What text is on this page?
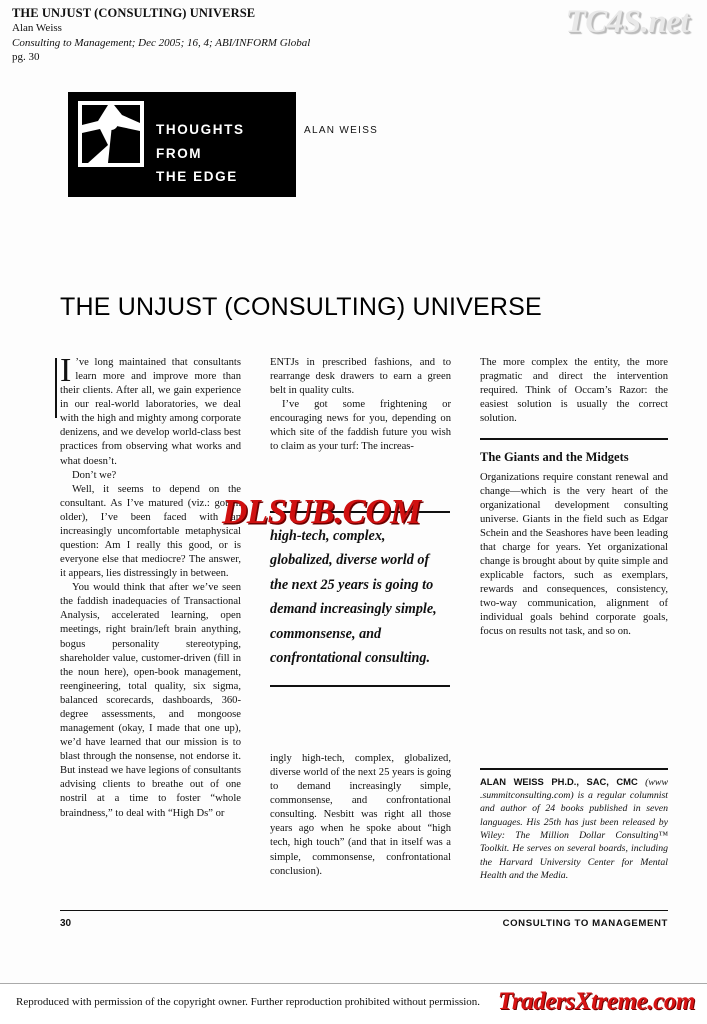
THE UNJUST (CONSULTING) UNIVERSE
Alan Weiss
Consulting to Management; Dec 2005; 16, 4; ABI/INFORM Global
pg. 30
TC4S.net
THOUGHTS
FROM
THE EDGE
ALAN WEISS
THE UNJUST (CONSULTING) UNIVERSE

I ’ve long maintained that consultants learn more and improve more than their clients. After all, we gain experience in our real-world laboratories, we deal with the high and mighty among corporate denizens, and we develop world-class best practices from observing what works and what doesn’t.

Don’t we?

Well, it seems to depend on the consultant. As I’ve matured (viz.: gotten older), I’ve been faced with an increasingly uncomfortable metaphysical question: Am I really this good, or is everyone else that mediocre? The answer, it appears, lies distressingly in between.

You would think that after we’ve seen the faddish inadequacies of Transactional Analysis, accelerated learning, open meetings, right brain/left brain anything, bogus personality stereotyping, shareholder value, customer-driven (fill in the noun here), open-book management, reengineering, total quality, six sigma, balanced scorecards, dashboards, 360-degree assessments, and mongoose management (okay, I made that one up), we’d have learned that our mission is to blast through the nonsense, not endorse it. But instead we have legions of consultants advising clients to breathe out of one nostril at a time to foster “whole braindness,” to deal with “High Ds” or

ENTJs in prescribed fashions, and to rearrange desk drawers to earn a green belt in quality cults.

I’ve got some frightening or encouraging news for you, depending on which site of the faddish future you wish to claim as your turf: The increas-

high-tech, complex, globalized, diverse world of the next 25 years is going to demand increasingly simple, commonsense, and confrontational consulting.

ingly high-tech, complex, globalized, diverse world of the next 25 years is going to demand increasingly simple, commonsense, and confrontational consulting. Nesbitt was right all those years ago when he spoke about “high tech, high touch” (and that in itself was a simple, commonsense, confrontational conclusion).

The more complex the entity, the more pragmatic and direct the intervention required. Think of Occam’s Razor: the easiest solution is usually the correct solution.

The Giants and the Midgets

Organizations require constant renewal and change—which is the very heart of the organizational development consulting universe. Giants in the field such as Edgar Schein and the Seashores have been leading that charge for years. Yet organizational change is brought about by quite simple and explicable factors, such as exemplars, rewards and consequences, consistency, two-way communication, alignment of individual goals behind corporate goals, focus on results not task, and so on.

ALAN WEISS PH.D., SAC, CMC (www .summitconsulting.com) is a regular columnist and author of 24 books published in seven languages. His 25th has just been released by Wiley: The Million Dollar Consulting™ Toolkit. He serves on several boards, including the Harvard University Center for Mental Health and the Media.
DLSUB.COM
30	CONSULTING TO MANAGEMENT
Reproduced with permission of the copyright owner. Further reproduction prohibited without permission. TradersXtreme.com
